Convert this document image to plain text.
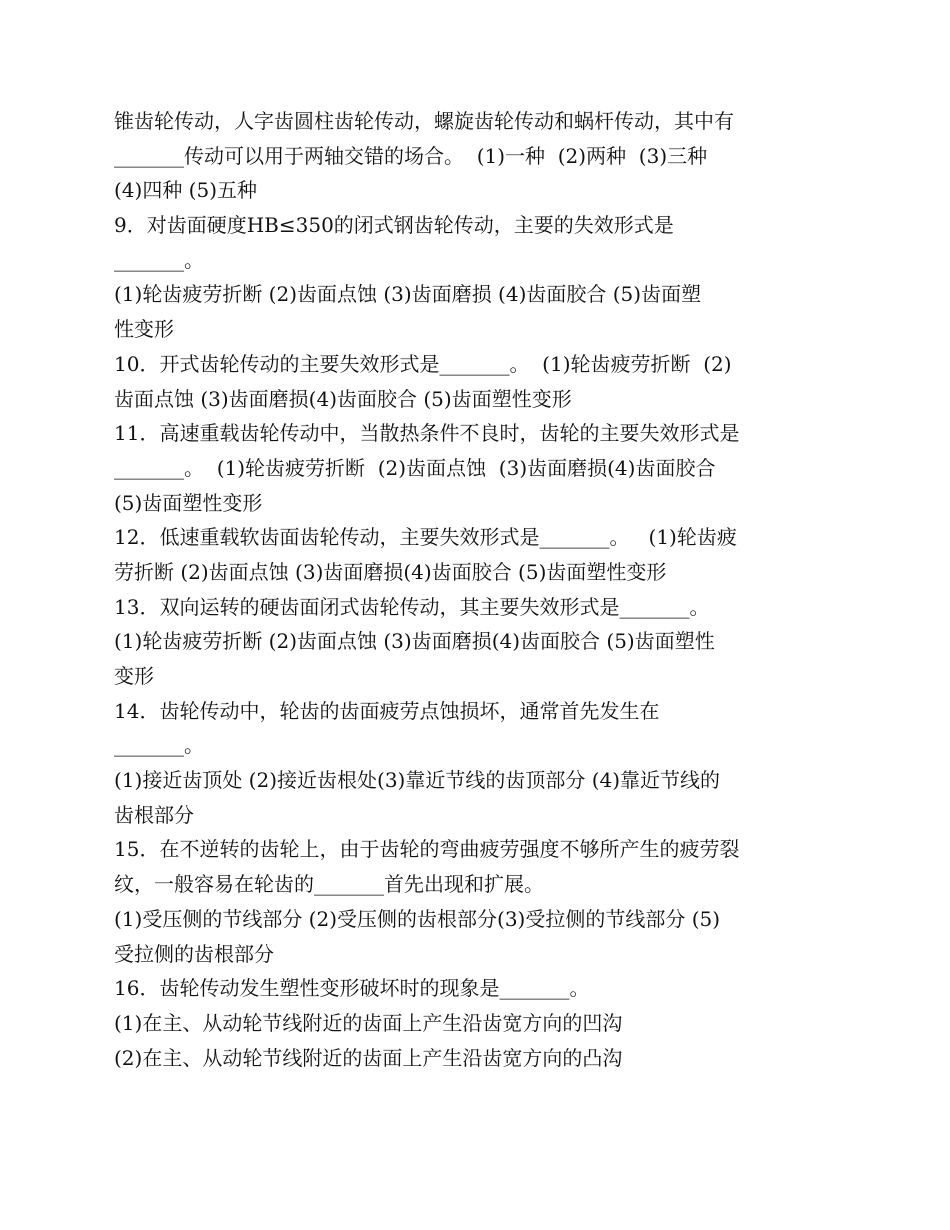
锥齿轮传动，人字齿圆柱齿轮传动，螺旋齿轮传动和蜗杆传动，其中有
_______传动可以用于两轴交错的场合。  (1)一种  (2)两种  (3)三种
(4)四种 (5)五种
9．对齿面硬度HB≤350的闭式钢齿轮传动，主要的失效形式是
_______。
(1)轮齿疲劳折断 (2)齿面点蚀 (3)齿面磨损 (4)齿面胶合 (5)齿面塑
性变形
10．开式齿轮传动的主要失效形式是_______。  (1)轮齿疲劳折断  (2)
齿面点蚀 (3)齿面磨损(4)齿面胶合 (5)齿面塑性变形
11．高速重载齿轮传动中，当散热条件不良时，齿轮的主要失效形式是
_______。  (1)轮齿疲劳折断  (2)齿面点蚀  (3)齿面磨损(4)齿面胶合
(5)齿面塑性变形
12．低速重载软齿面齿轮传动，主要失效形式是_______。   (1)轮齿疲
劳折断 (2)齿面点蚀 (3)齿面磨损(4)齿面胶合 (5)齿面塑性变形
13．双向运转的硬齿面闭式齿轮传动，其主要失效形式是_______。
(1)轮齿疲劳折断 (2)齿面点蚀 (3)齿面磨损(4)齿面胶合 (5)齿面塑性
变形
14．齿轮传动中，轮齿的齿面疲劳点蚀损坏，通常首先发生在
_______。
(1)接近齿顶处 (2)接近齿根处(3)靠近节线的齿顶部分 (4)靠近节线的
齿根部分
15．在不逆转的齿轮上，由于齿轮的弯曲疲劳强度不够所产生的疲劳裂
纹，一般容易在轮齿的_______首先出现和扩展。
(1)受压侧的节线部分 (2)受压侧的齿根部分(3)受拉侧的节线部分 (5)
受拉侧的齿根部分
16．齿轮传动发生塑性变形破坏时的现象是_______。
(1)在主、从动轮节线附近的齿面上产生沿齿宽方向的凹沟
(2)在主、从动轮节线附近的齿面上产生沿齿宽方向的凸沟
